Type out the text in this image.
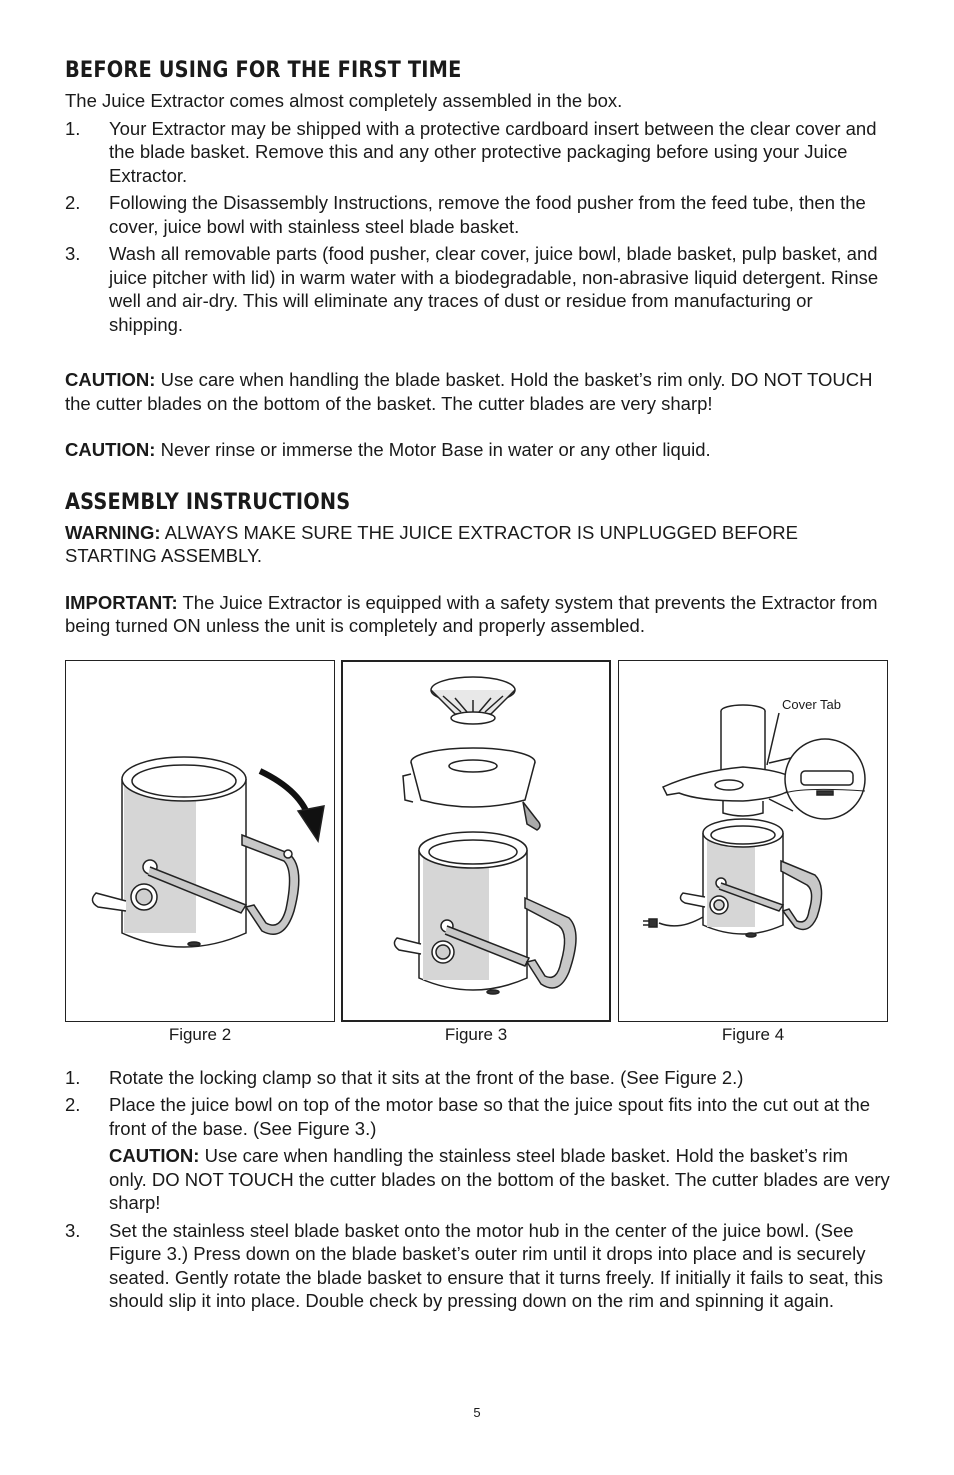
BEFORE USING FOR THE FIRST TIME

The Juice Extractor comes almost completely assembled in the box.

1. Your Extractor may be shipped with a protective cardboard insert between the clear cover and the blade basket. Remove this and any other protective packaging before using your Juice Extractor.
2. Following the Disassembly Instructions, remove the food pusher from the feed tube, then the cover, juice bowl with stainless steel blade basket.
3. Wash all removable parts (food pusher, clear cover, juice bowl, blade basket, pulp basket, and juice pitcher with lid) in warm water with a biodegradable, non-abrasive liquid detergent. Rinse well and air-dry. This will eliminate any traces of dust or residue from manufacturing or shipping.

CAUTION: Use care when handling the blade basket. Hold the basket’s rim only. DO NOT TOUCH the cutter blades on the bottom of the basket. The cutter blades are very sharp!

CAUTION: Never rinse or immerse the Motor Base in water or any other liquid.

ASSEMBLY INSTRUCTIONS

WARNING: ALWAYS MAKE SURE THE JUICE EXTRACTOR IS UNPLUGGED BEFORE STARTING ASSEMBLY.

IMPORTANT: The Juice Extractor is equipped with a safety system that prevents the Extractor from being turned ON unless the unit is completely and properly assembled.

Figure 2	Figure 3
Cover Tab
Figure 4
1. Rotate the locking clamp so that it sits at the front of the base. (See Figure 2.)
2. Place the juice bowl on top of the motor base so that the juice spout fits into the cut out at the front of the base. (See Figure 3.)

CAUTION: Use care when handling the stainless steel blade basket. Hold the basket’s rim only. DO NOT TOUCH the cutter blades on the bottom of the basket. The cutter blades are very sharp!

3. Set the stainless steel blade basket onto the motor hub in the center of the juice bowl. (See Figure 3.) Press down on the blade basket’s outer rim until it drops into place and is securely seated. Gently rotate the blade basket to ensure that it turns freely. If initially it fails to seat, this should slip it into place. Double check by pressing down on the rim and spinning it again.
5
